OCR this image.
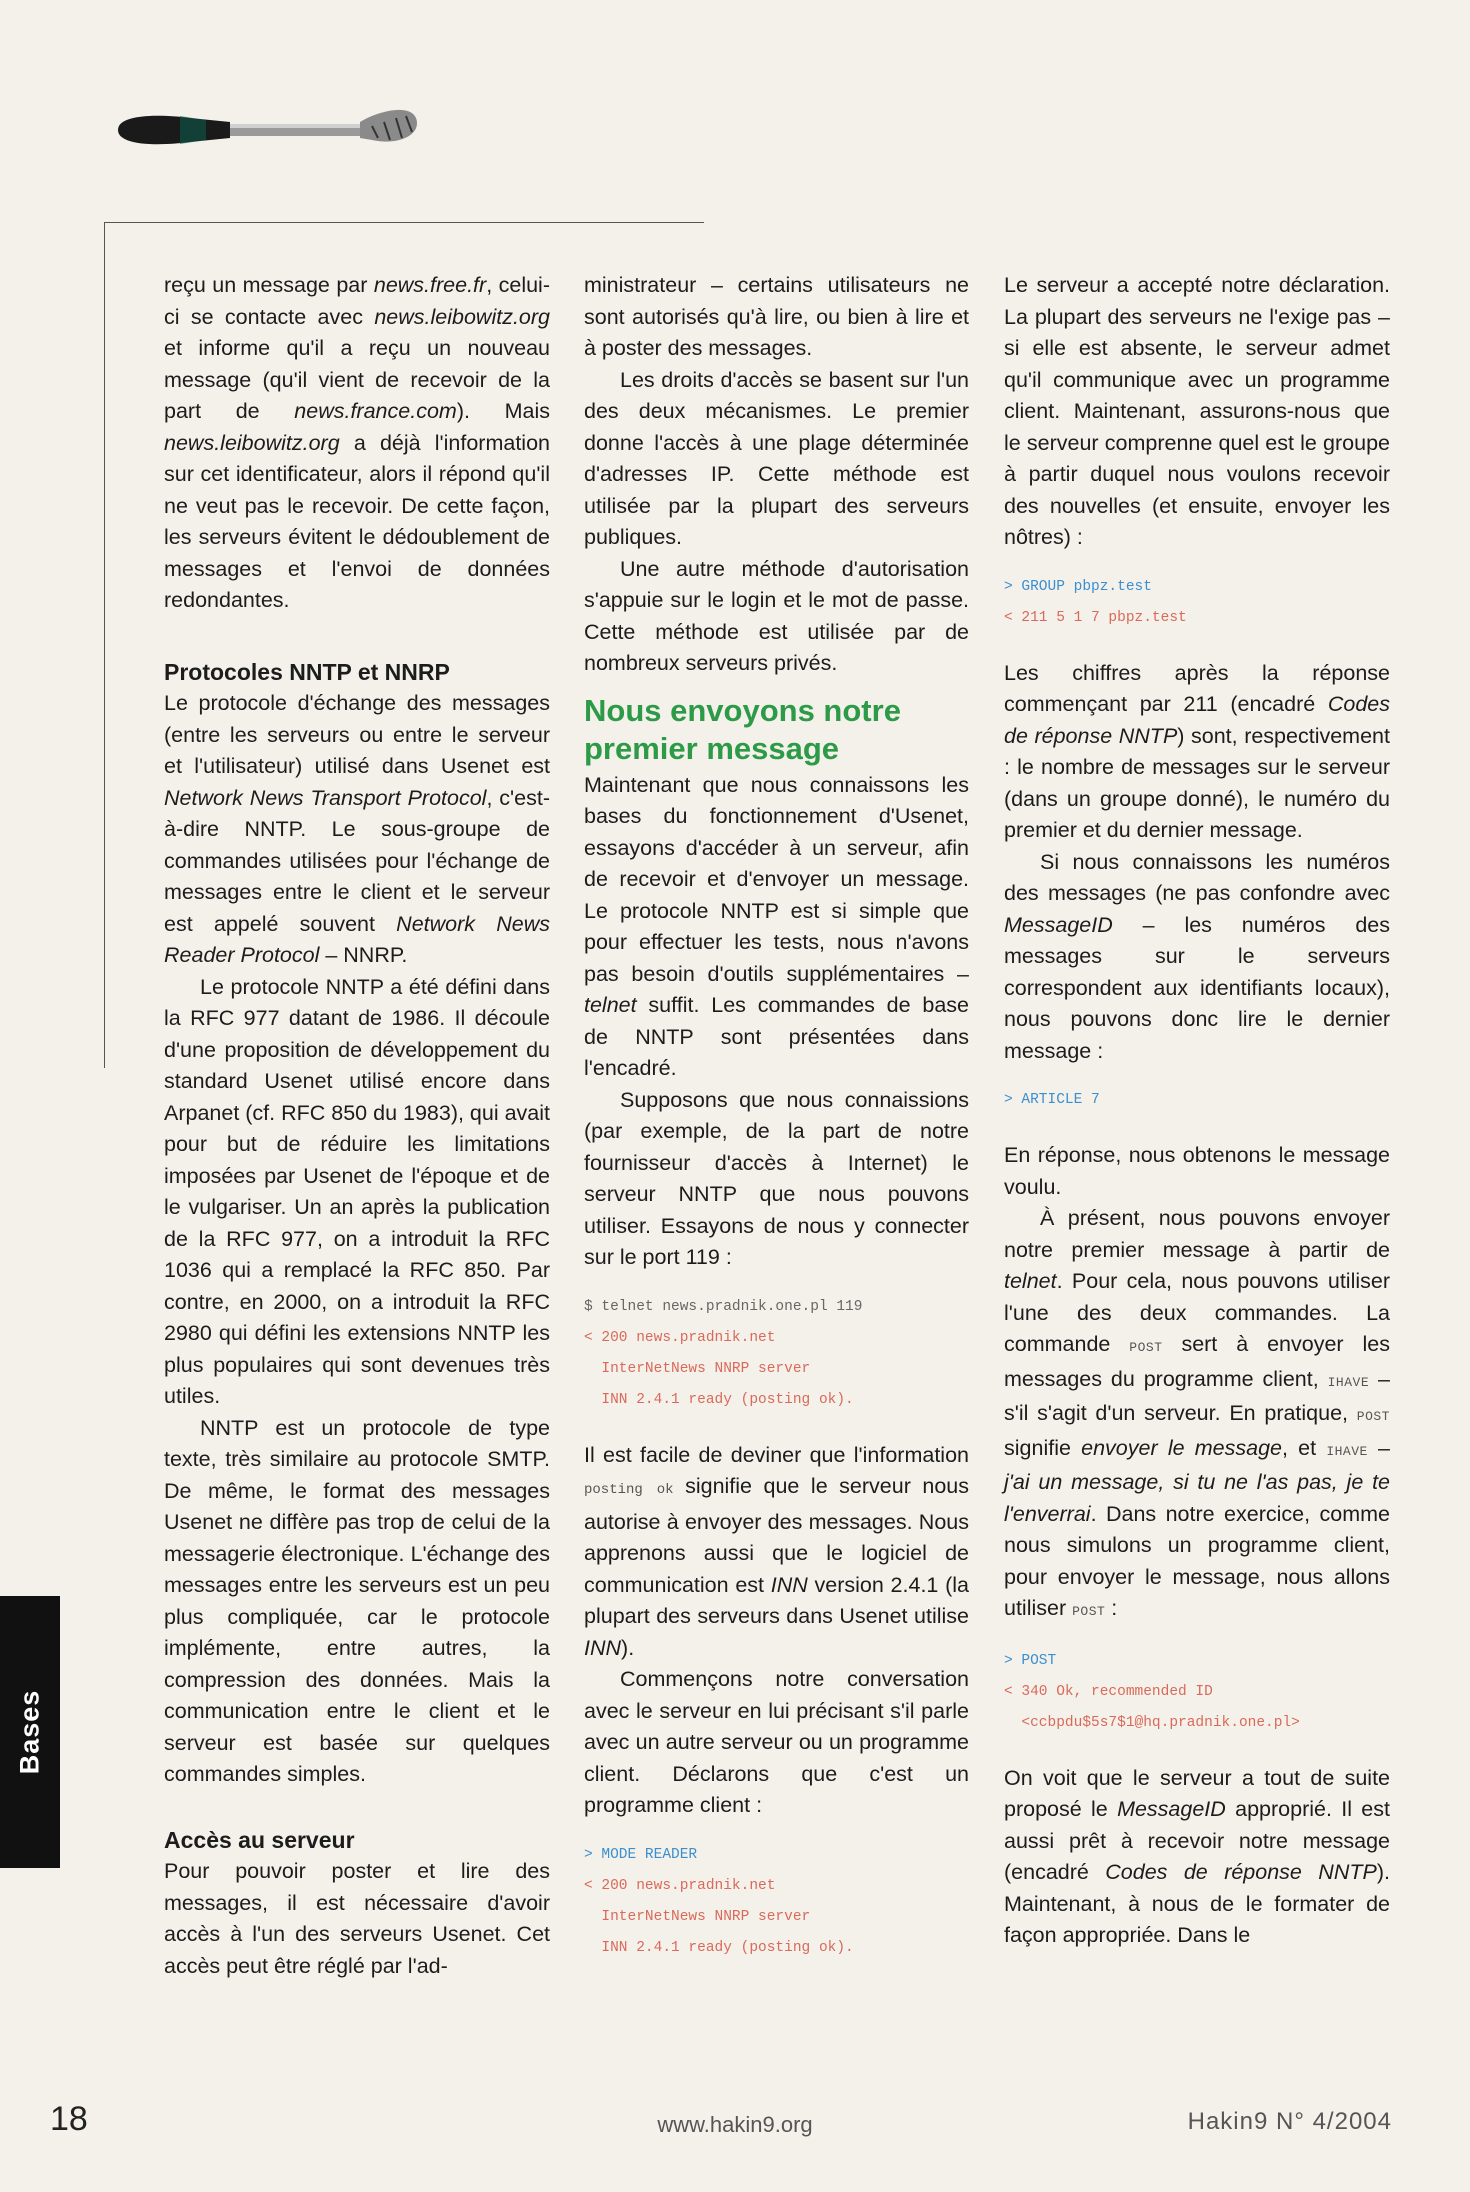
Bases

reçu un message par news.free.fr, celui-ci se contacte avec news.leibowitz.org et informe qu'il a reçu un nouveau message (qu'il vient de recevoir de la part de news.france.com). Mais news.leibowitz.org a déjà l'information sur cet identificateur, alors il répond qu'il ne veut pas le recevoir. De cette façon, les serveurs évitent le dédoublement de messages et l'envoi de données redondantes.

Protocoles NNTP et NNRP

Le protocole d'échange des messages (entre les serveurs ou entre le serveur et l'utilisateur) utilisé dans Usenet est Network News Transport Protocol, c'est-à-dire NNTP. Le sous-groupe de commandes utilisées pour l'échange de messages entre le client et le serveur est appelé souvent Network News Reader Protocol – NNRP.

Le protocole NNTP a été défini dans la RFC 977 datant de 1986. Il découle d'une proposition de développement du standard Usenet utilisé encore dans Arpanet (cf. RFC 850 du 1983), qui avait pour but de réduire les limitations imposées par Usenet de l'époque et de le vulgariser. Un an après la publication de la RFC 977, on a introduit la RFC 1036 qui a remplacé la RFC 850. Par contre, en 2000, on a introduit la RFC 2980 qui défini les extensions NNTP les plus populaires qui sont devenues très utiles.

NNTP est un protocole de type texte, très similaire au protocole SMTP. De même, le format des messages Usenet ne diffère pas trop de celui de la messagerie électronique. L'échange des messages entre les serveurs est un peu plus compliquée, car le protocole implémente, entre autres, la compression des données. Mais la communication entre le client et le serveur est basée sur quelques commandes simples.

Accès au serveur

Pour pouvoir poster et lire des messages, il est nécessaire d'avoir accès à l'un des serveurs Usenet. Cet accès peut être réglé par l'ad-

ministrateur – certains utilisateurs ne sont autorisés qu'à lire, ou bien à lire et à poster des messages.

Les droits d'accès se basent sur l'un des deux mécanismes. Le premier donne l'accès à une plage déterminée d'adresses IP. Cette méthode est utilisée par la plupart des serveurs publiques.

Une autre méthode d'autorisation s'appuie sur le login et le mot de passe. Cette méthode est utilisée par de nombreux serveurs privés.

Nous envoyons notre premier message

Maintenant que nous connaissons les bases du fonctionnement d'Usenet, essayons d'accéder à un serveur, afin de recevoir et d'envoyer un message. Le protocole NNTP est si simple que pour effectuer les tests, nous n'avons pas besoin d'outils supplémentaires – telnet suffit. Les commandes de base de NNTP sont présentées dans l'encadré.

Supposons que nous connaissions (par exemple, de la part de notre fournisseur d'accès à Internet) le serveur NNTP que nous pouvons utiliser. Essayons de nous y connecter sur le port 119 :

$ telnet news.pradnik.one.pl 119
< 200 news.pradnik.net
InterNetNews NNRP server
INN 2.4.1 ready (posting ok).

Il est facile de deviner que l'information posting ok signifie que le serveur nous autorise à envoyer des messages. Nous apprenons aussi que le logiciel de communication est INN version 2.4.1 (la plupart des serveurs dans Usenet utilise INN).

Commençons notre conversation avec le serveur en lui précisant s'il parle avec un autre serveur ou un programme client. Déclarons que c'est un programme client :

> MODE READER
< 200 news.pradnik.net
InterNetNews NNRP server
INN 2.4.1 ready (posting ok).

Le serveur a accepté notre déclaration. La plupart des serveurs ne l'exige pas – si elle est absente, le serveur admet qu'il communique avec un programme client. Maintenant, assurons-nous que le serveur comprenne quel est le groupe à partir duquel nous voulons recevoir des nouvelles (et ensuite, envoyer les nôtres) :

> GROUP pbpz.test
< 211 5 1 7 pbpz.test

Les chiffres après la réponse commençant par 211 (encadré Codes de réponse NNTP) sont, respectivement : le nombre de messages sur le serveur (dans un groupe donné), le numéro du premier et du dernier message.

Si nous connaissons les numéros des messages (ne pas confondre avec MessageID – les numéros des messages sur le serveurs correspondent aux identifiants locaux), nous pouvons donc lire le dernier message :

> ARTICLE 7

En réponse, nous obtenons le message voulu.

À présent, nous pouvons envoyer notre premier message à partir de telnet. Pour cela, nous pouvons utiliser l'une des deux commandes. La commande POST sert à envoyer les messages du programme client, IHAVE – s'il s'agit d'un serveur. En pratique, POST signifie envoyer le message, et IHAVE – j'ai un message, si tu ne l'as pas, je te l'enverrai. Dans notre exercice, comme nous simulons un programme client, pour envoyer le message, nous allons utiliser POST :

> POST
< 340 Ok, recommended ID
<ccbpdu$5s7$1@hq.pradnik.one.pl>

On voit que le serveur a tout de suite proposé le MessageID approprié. Il est aussi prêt à recevoir notre message (encadré Codes de réponse NNTP). Maintenant, à nous de le formater de façon appropriée. Dans le

18	www.hakin9.org	Hakin9 N° 4/2004
